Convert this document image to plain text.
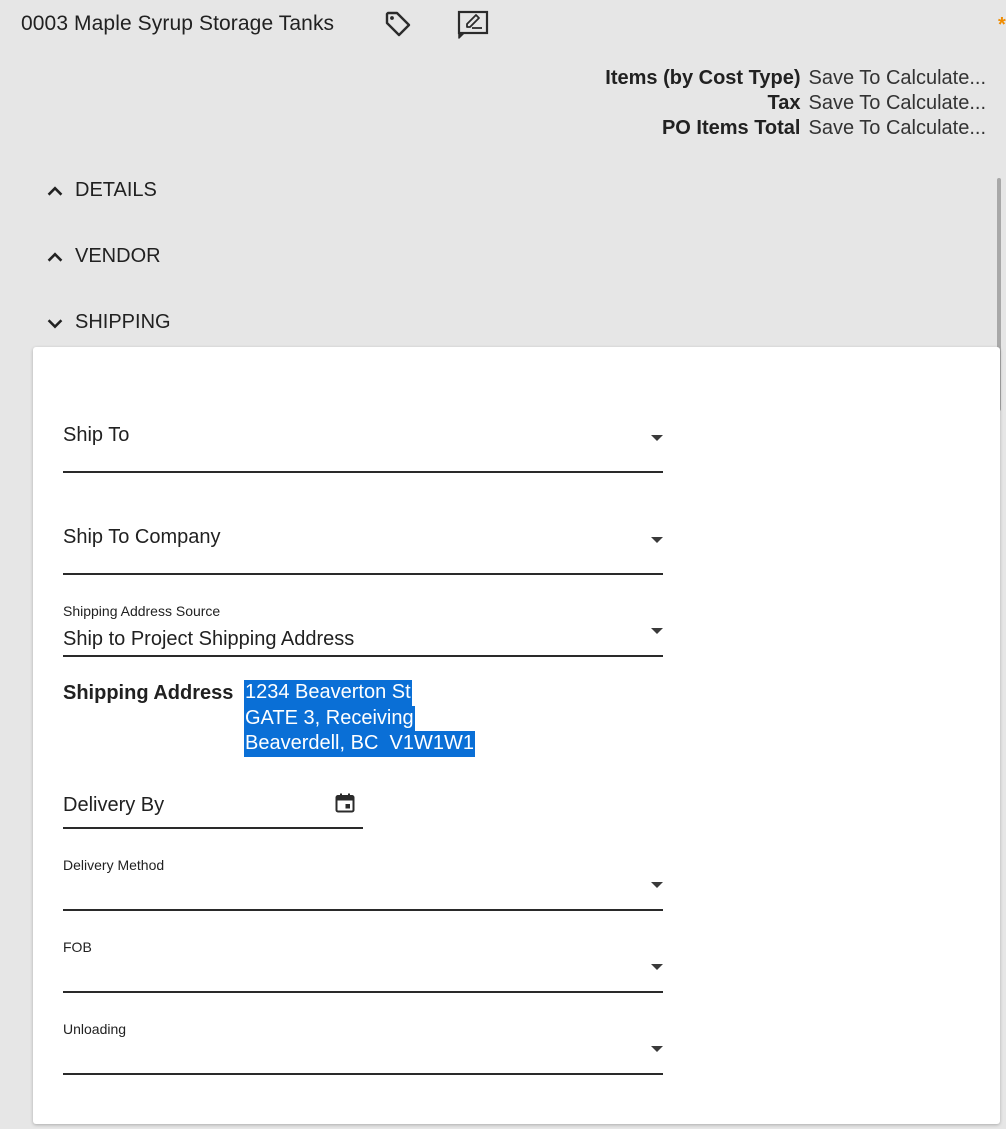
0003 Maple Syrup Storage Tanks	*
Items (by Cost Type) Save To Calculate...
Tax Save To Calculate...
PO Items Total Save To Calculate...
DETAILS
VENDOR
SHIPPING
Ship To
Ship To Company
Shipping Address Source
Ship to Project Shipping Address
Shipping Address 1234 Beaverton St
GATE 3, Receiving
Beaverdell, BC  V1W1W1
Delivery By
Delivery Method
FOB
Unloading
